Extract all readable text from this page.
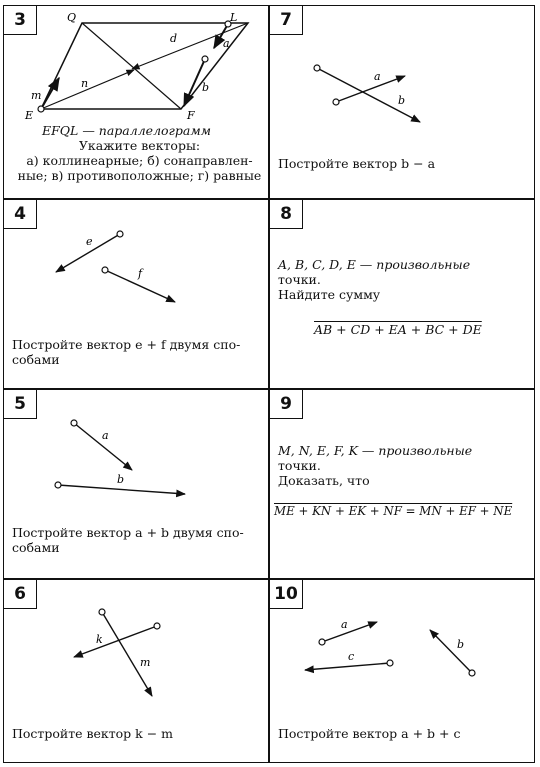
3	Q	L
E	F
d	a
m
n	b
EFQL — параллелограмм
Укажите векторы:
а) коллинеарные; б) сонаправлен-
ные; в) противоположные; г) равные
7
a
b
Постройте вектор b − a
4
e
f
Постройте вектор e + f двумя спо-
собами
8
A, B, C, D, E — произвольные
точки.
Найдите сумму
AB + CD + EA + BC + DE
5
a
b
Постройте вектор a + b двумя спо-
собами
9
M, N, E, F, K — произвольные
точки.
Доказать, что
ME + KN + EK + NF = MN + EF + NE
6
k
m
Постройте вектор k − m
10
a
c
b
Постройте вектор a + b + c
